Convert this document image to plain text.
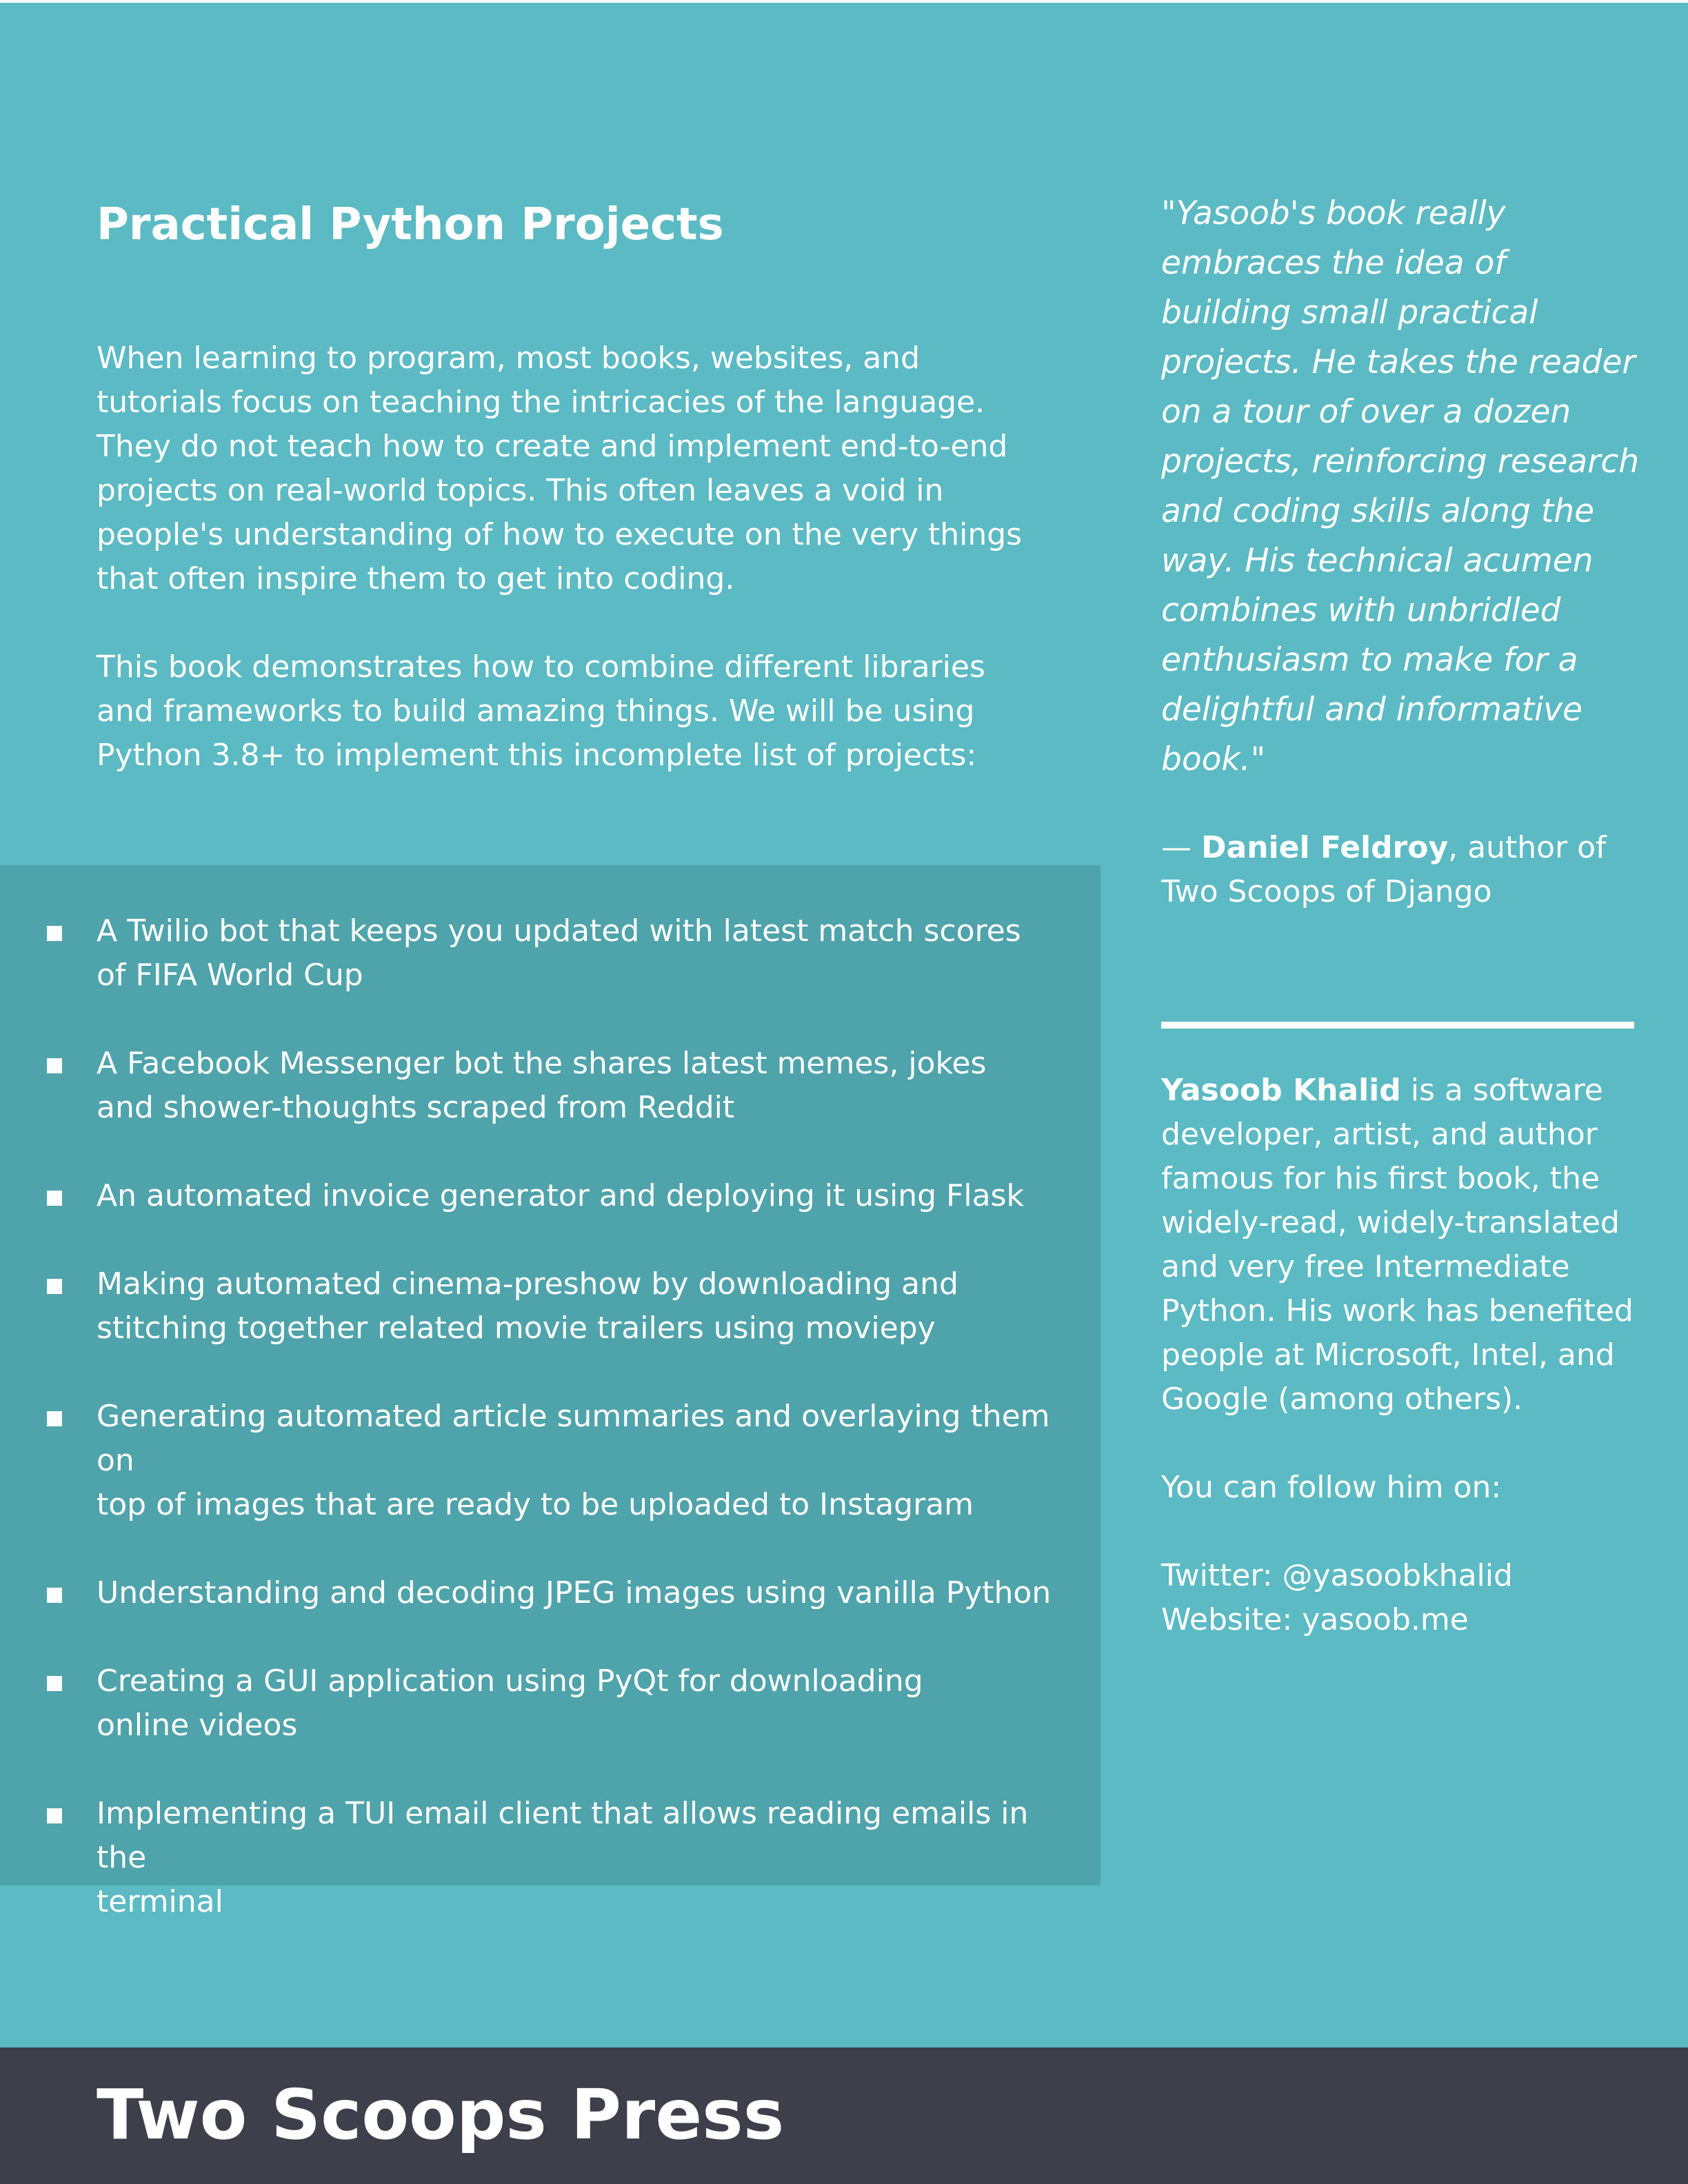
Practical Python Projects

When learning to program, most books, websites, and
tutorials focus on teaching the intricacies of the language.
They do not teach how to create and implement end-to-end
projects on real-world topics. This often leaves a void in
people's understanding of how to execute on the very things
that often inspire them to get into coding.

This book demonstrates how to combine different libraries
and frameworks to build amazing things. We will be using
Python 3.8+ to implement this incomplete list of projects:

A Twilio bot that keeps you updated with latest match scores
of FIFA World Cup
A Facebook Messenger bot the shares latest memes, jokes
and shower-thoughts scraped from Reddit
An automated invoice generator and deploying it using Flask
Making automated cinema-preshow by downloading and
stitching together related movie trailers using moviepy
Generating automated article summaries and overlaying them on
top of images that are ready to be uploaded to Instagram
Understanding and decoding JPEG images using vanilla Python
Creating a GUI application using PyQt for downloading
online videos
Implementing a TUI email client that allows reading emails in the
terminal
"Yasoob's book really
embraces the idea of
building small practical
projects. He takes the reader
on a tour of over a dozen
projects, reinforcing research
and coding skills along the
way. His technical acumen
combines with unbridled
enthusiasm to make for a
delightful and informative
book."
— Daniel Feldroy, author of
Two Scoops of Django

Yasoob Khalid is a software
developer, artist, and author
famous for his first book, the
widely-read, widely-translated
and very free Intermediate
Python. His work has benefited
people at Microsoft, Intel, and
Google (among others).

You can follow him on:

Twitter: @yasoobkhalid
Website: yasoob.me

Two Scoops Press
